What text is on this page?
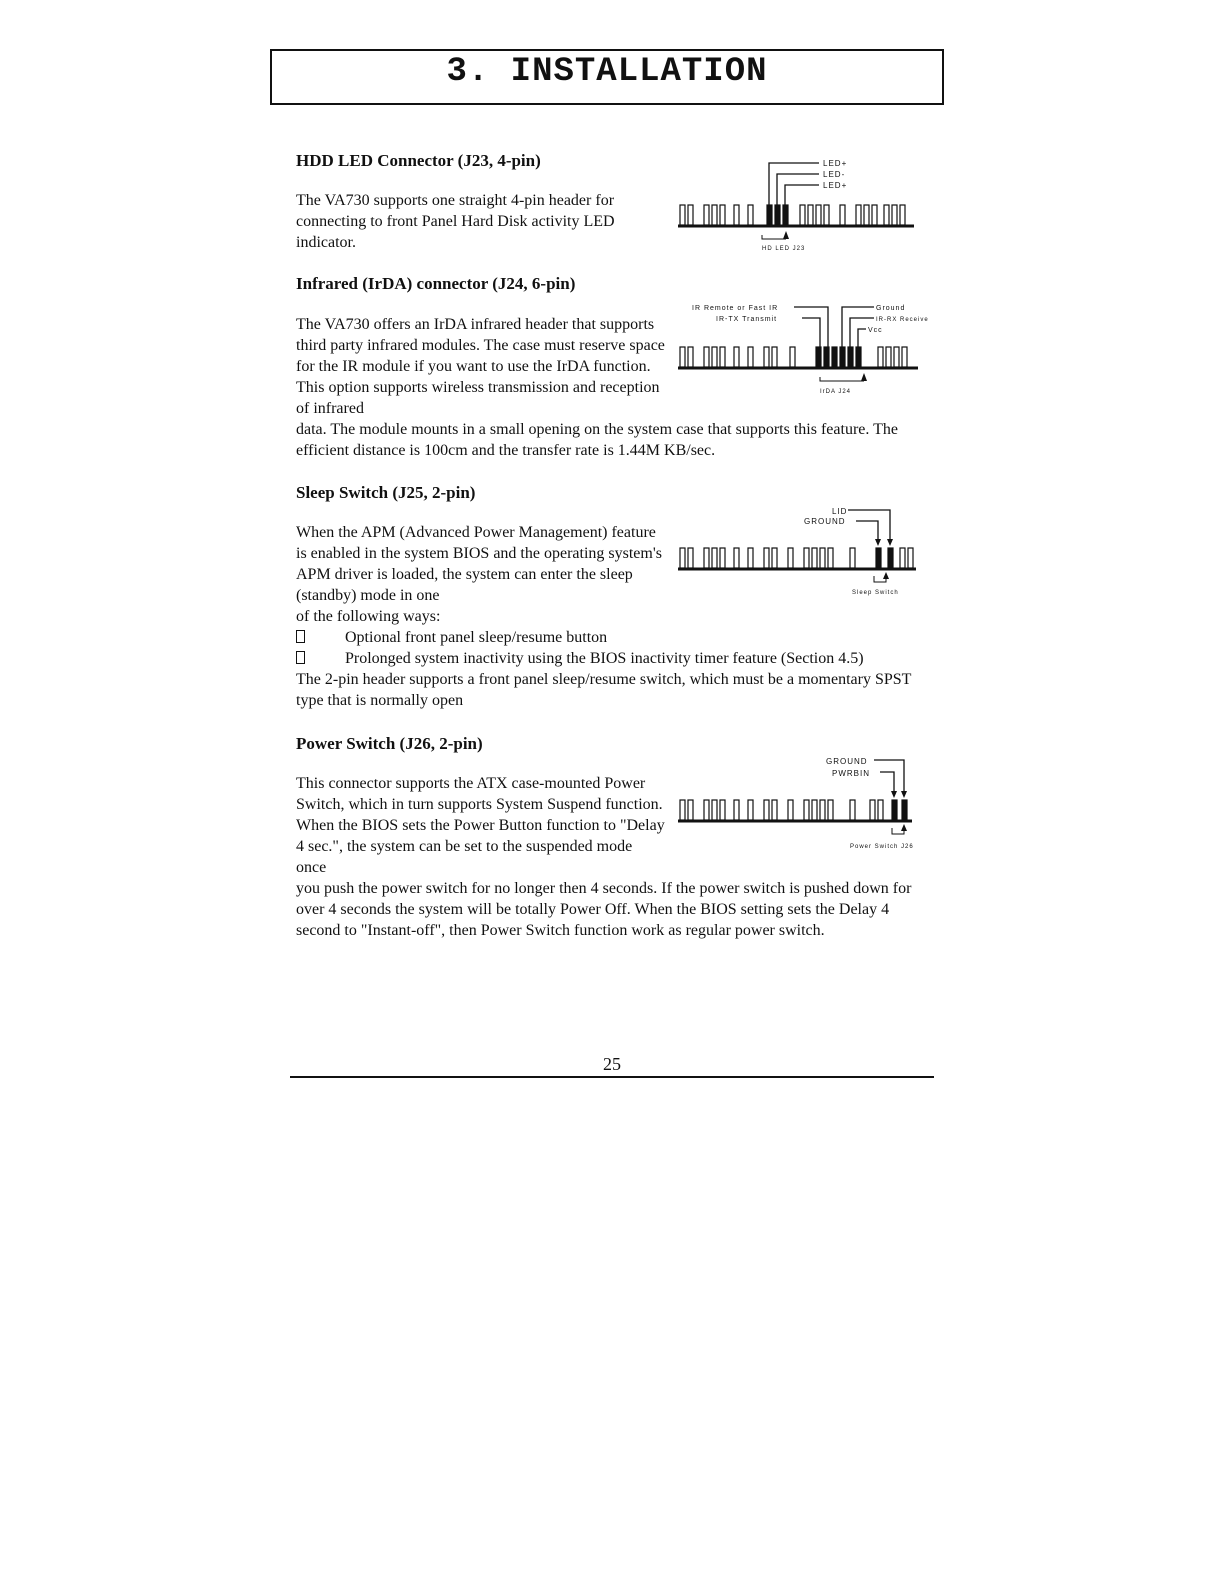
3. INSTALLATION
HDD LED Connector (J23, 4-pin)

The VA730 supports one straight 4-pin header for connecting to front Panel Hard Disk activity LED indicator.

LED+
LED-
LED+
HD LED J23
Infrared (IrDA) connector (J24, 6-pin)

The VA730 offers an IrDA infrared header that supports third party infrared modules. The case must reserve space for the IR module if you want to use the IrDA function. This option supports wireless transmission and reception of infrared

data. The module mounts in a small opening on the system case that supports this feature. The efficient distance is 100cm and the transfer rate is 1.44M KB/sec.

IR Remote or Fast IR
IR-TX Transmit
Ground
IR-RX Receive
Vcc
IrDA J24
Sleep Switch (J25, 2-pin)

When the APM (Advanced Power Management) feature is enabled in the system BIOS and the operating system's APM driver is loaded, the system can enter the sleep (standby) mode in one

of the following ways:

Optional front panel sleep/resume button
Prolonged system inactivity using the BIOS inactivity timer feature (Section 4.5)

The 2-pin header supports a front panel sleep/resume switch, which must be a momentary SPST type that is normally open

LID
GROUND
Sleep Switch
Power Switch (J26, 2-pin)

This connector supports the ATX case-mounted Power Switch, which in turn supports System Suspend function. When the BIOS sets the Power Button function to "Delay 4 sec.", the system can be set to the suspended mode once

you push the power switch for no longer then 4 seconds. If the power switch is pushed down for over 4 seconds the system will be totally Power Off. When the BIOS setting sets the Delay 4 second to "Instant-off", then Power Switch function work as regular power switch.

GROUND
PWRBIN
Power Switch J26
25
